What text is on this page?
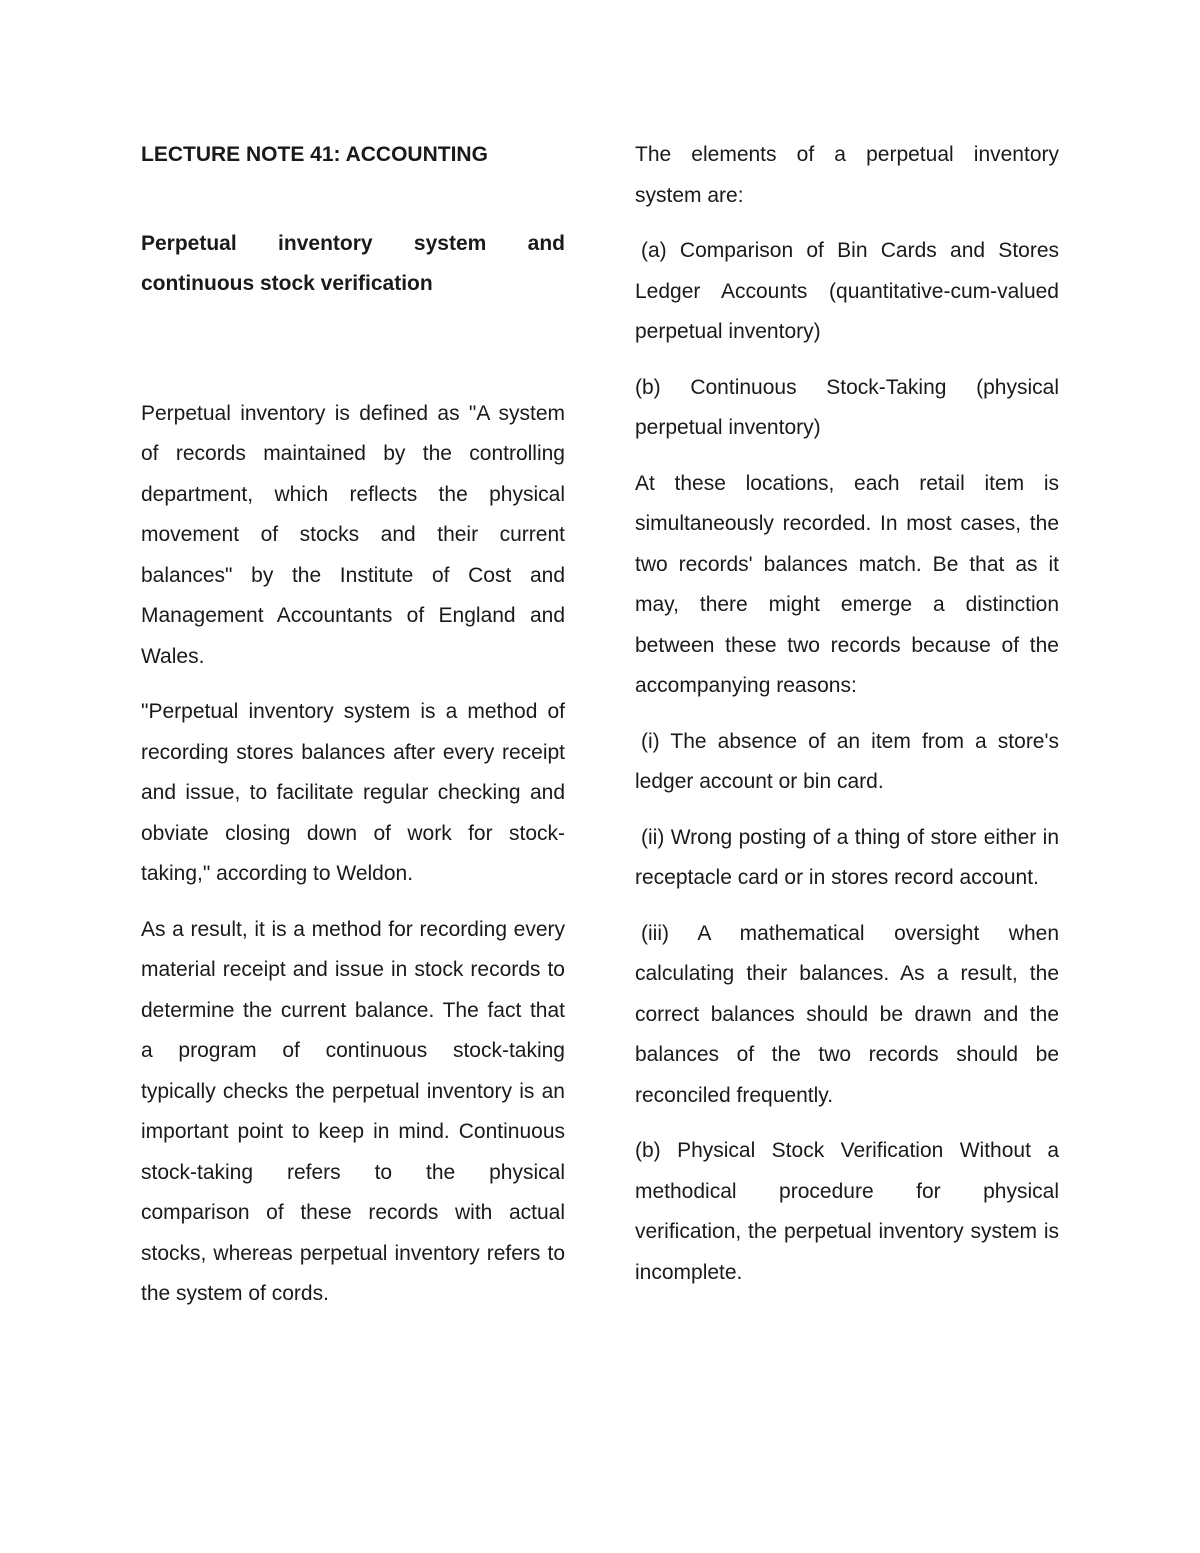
LECTURE NOTE 41: ACCOUNTING

Perpetual inventory system and continuous stock verification

Perpetual inventory is defined as "A system of records maintained by the controlling department, which reflects the physical movement of stocks and their current balances" by the Institute of Cost and Management Accountants of England and Wales.

"Perpetual inventory system is a method of recording stores balances after every receipt and issue, to facilitate regular checking and obviate closing down of work for stock-taking," according to Weldon.

As a result, it is a method for recording every material receipt and issue in stock records to determine the current balance. The fact that a program of continuous stock-taking typically checks the perpetual inventory is an important point to keep in mind. Continuous stock-taking refers to the physical comparison of these records with actual stocks, whereas perpetual inventory refers to the system of cords.

The elements of a perpetual inventory system are:

(a) Comparison of Bin Cards and Stores Ledger Accounts (quantitative-cum-valued perpetual inventory)

(b) Continuous Stock-Taking (physical perpetual inventory)

At these locations, each retail item is simultaneously recorded. In most cases, the two records' balances match. Be that as it may, there might emerge a distinction between these two records because of the accompanying reasons:

(i) The absence of an item from a store's ledger account or bin card.

(ii) Wrong posting of a thing of store either in receptacle card or in stores record account.

(iii) A mathematical oversight when calculating their balances. As a result, the correct balances should be drawn and the balances of the two records should be reconciled frequently.

(b) Physical Stock Verification Without a methodical procedure for physical verification, the perpetual inventory system is incomplete.
